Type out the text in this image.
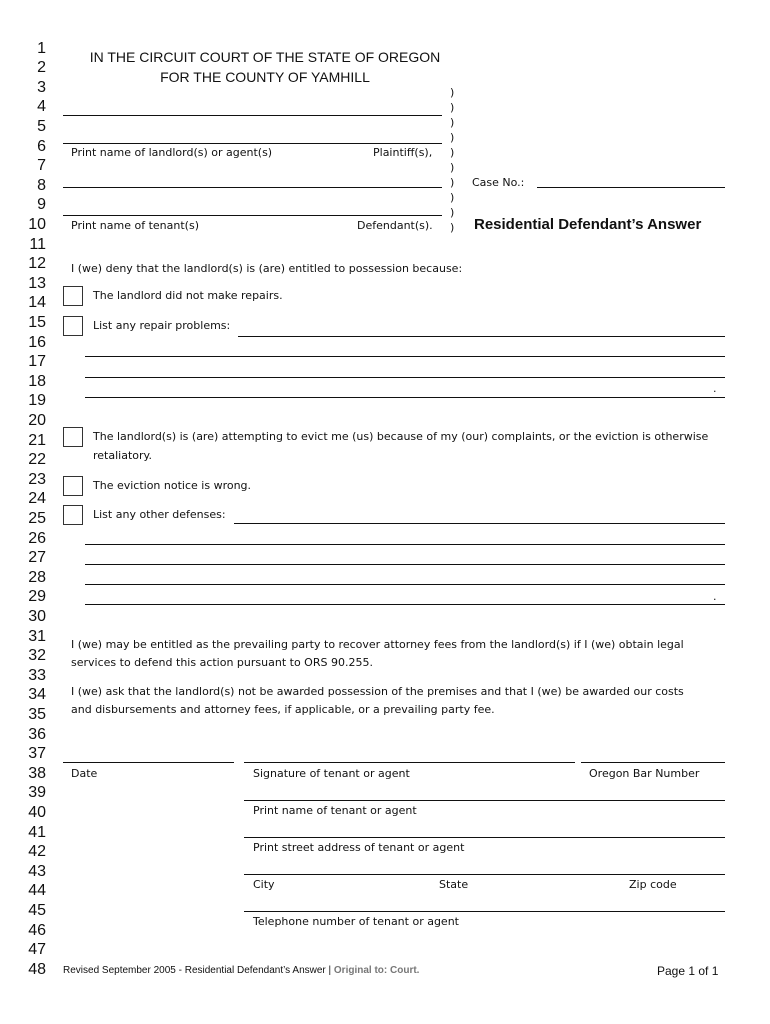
1
2
3
4
5
6
7
8
9
10
11
12
13
14
15
16
17
18
19
20
21
22
23
24
25
26
27
28
29
30
31
32
33
34
35
36
37
38
39
40
41
42
43
44
45
46
47
48
IN THE CIRCUIT COURT OF THE STATE OF OREGON
FOR THE COUNTY OF YAMHILL
Print name of landlord(s) or agent(s)	Plaintiff(s),
Print name of tenant(s)	Defendant(s).
)
)
)
)
)
)
)
)
)
)
Case No.:
Residential Defendant’s Answer
I (we) deny that the landlord(s) is (are) entitled to possession because:
The landlord did not make repairs.
List any repair problems:
.
The landlord(s) is (are) attempting to evict me (us) because of my (our) complaints, or the eviction is otherwise
retaliatory.
The eviction notice is wrong.
List any other defenses:
.
I (we) may be entitled as the prevailing party to recover attorney fees from the landlord(s) if I (we) obtain legal
services to defend this action pursuant to ORS 90.255.
I (we) ask that the landlord(s) not be awarded possession of the premises and that I (we) be awarded our costs
and disbursements and attorney fees, if applicable, or a prevailing party fee.
Date	Signature of tenant or agent	Oregon Bar Number
Print name of tenant or agent
Print street address of tenant or agent
City	State	Zip code
Telephone number of tenant or agent
Revised September 2005 - Residential Defendant’s Answer | Original to: Court.	Page 1 of 1
